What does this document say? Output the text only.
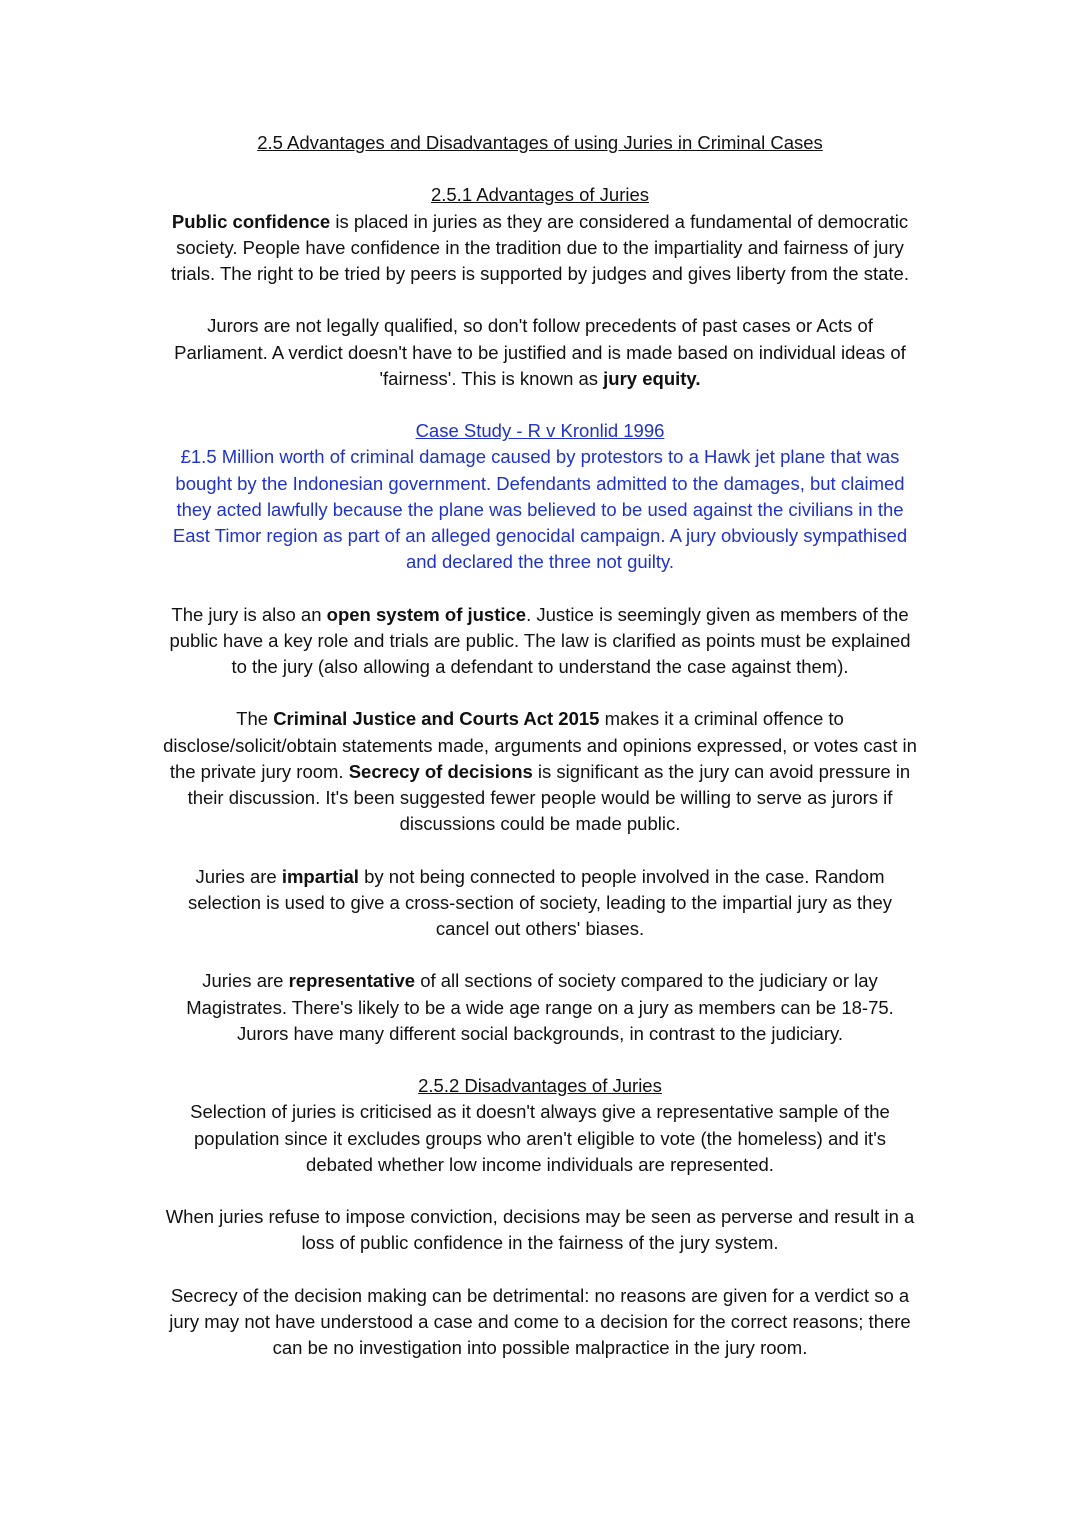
2.5 Advantages and Disadvantages of using Juries in Criminal Cases
2.5.1 Advantages of Juries
Public confidence is placed in juries as they are considered a fundamental of democratic
society. People have confidence in the tradition due to the impartiality and fairness of jury
trials. The right to be tried by peers is supported by judges and gives liberty from the state.
Jurors are not legally qualified, so don't follow precedents of past cases or Acts of
Parliament. A verdict doesn't have to be justified and is made based on individual ideas of
'fairness'. This is known as jury equity.
Case Study - R v Kronlid 1996
£1.5 Million worth of criminal damage caused by protestors to a Hawk jet plane that was
bought by the Indonesian government. Defendants admitted to the damages, but claimed
they acted lawfully because the plane was believed to be used against the civilians in the
East Timor region as part of an alleged genocidal campaign. A jury obviously sympathised
and declared the three not guilty.
The jury is also an open system of justice. Justice is seemingly given as members of the
public have a key role and trials are public. The law is clarified as points must be explained
to the jury (also allowing a defendant to understand the case against them).
The Criminal Justice and Courts Act 2015 makes it a criminal offence to
disclose/solicit/obtain statements made, arguments and opinions expressed, or votes cast in
the private jury room. Secrecy of decisions is significant as the jury can avoid pressure in
their discussion. It's been suggested fewer people would be willing to serve as jurors if
discussions could be made public.
Juries are impartial by not being connected to people involved in the case. Random
selection is used to give a cross-section of society, leading to the impartial jury as they
cancel out others' biases.
Juries are representative of all sections of society compared to the judiciary or lay
Magistrates. There's likely to be a wide age range on a jury as members can be 18-75.
Jurors have many different social backgrounds, in contrast to the judiciary.
2.5.2 Disadvantages of Juries
Selection of juries is criticised as it doesn't always give a representative sample of the
population since it excludes groups who aren't eligible to vote (the homeless) and it's
debated whether low income individuals are represented.
When juries refuse to impose conviction, decisions may be seen as perverse and result in a
loss of public confidence in the fairness of the jury system.
Secrecy of the decision making can be detrimental: no reasons are given for a verdict so a
jury may not have understood a case and come to a decision for the correct reasons; there
can be no investigation into possible malpractice in the jury room.
